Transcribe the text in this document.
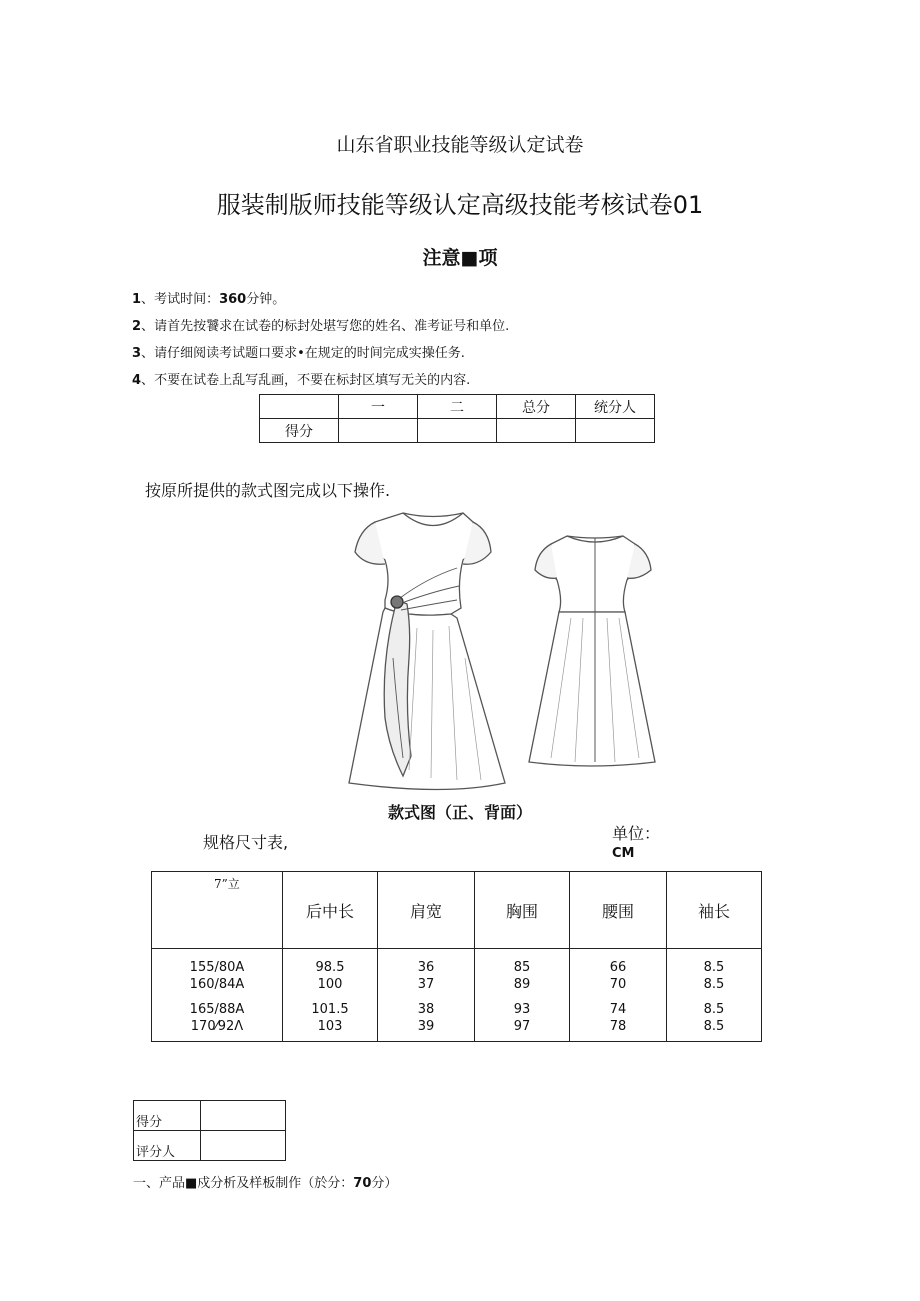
山东省职业技能等级认定试卷
服装制版师技能等级认定高级技能考核试卷01
注意■项
1、考试时间：360分钟。
2、请首先按饕求在试卷的标封处堪写您的姓名、准考证号和单位.
3、请仔细阅读考试题口要求•在规定的时间完成实操任务.
4、不要在试卷上乱写乱画，不要在标封区填写无关的内容.
	一	二	总分	统分人
得分				
按原所提供的款式图完成以下操作.
款式图（正、背面）
规格尺寸表,	单位：
CM
7”立	后中长	肩宽	胸围	腰围	袖长
155/80A	98.5	36	85	66	8.5
160/84A	100	37	89	70	8.5
165/88A	101.5	38	93	74	8.5
170⁄92Λ	103	39	97	78	8.5
得分	
评分人	
一、产品■戍分析及样板制作（於分：70分）
